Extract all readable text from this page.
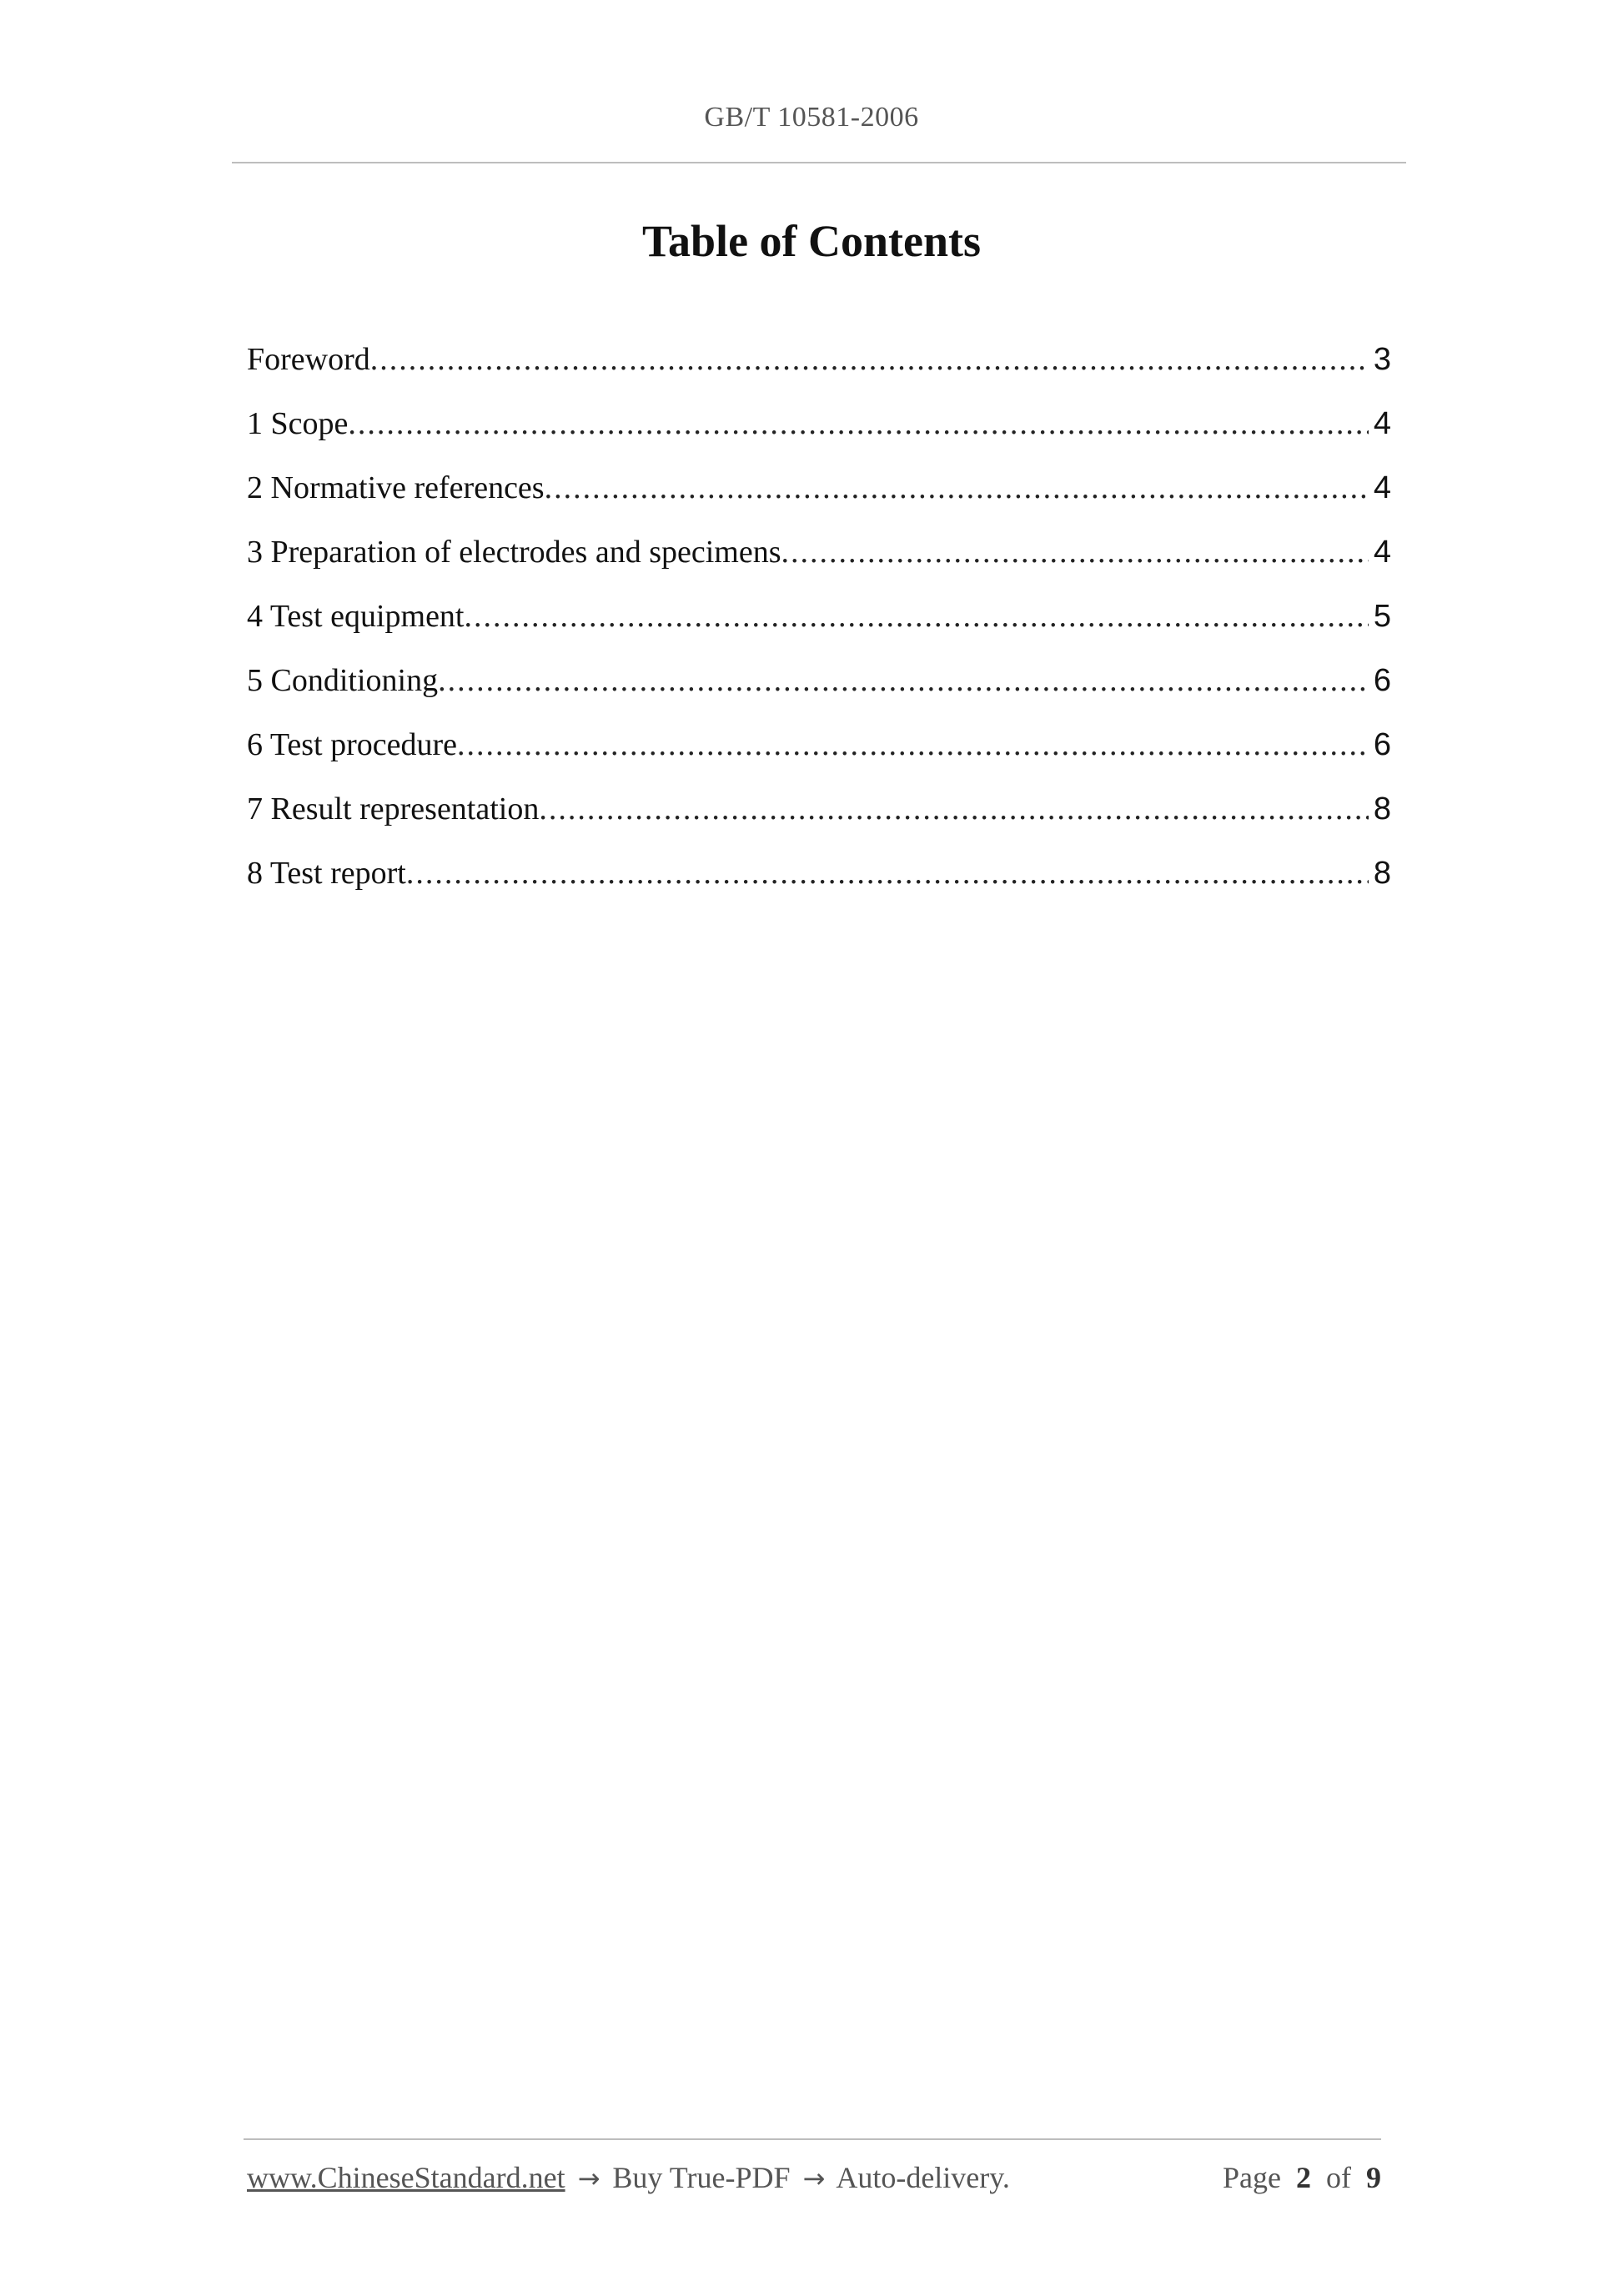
GB/T 10581-2006
Table of Contents
Foreword .....	3
1 Scope .....	4
2 Normative references .....	4
3 Preparation of electrodes and specimens .....	4
4 Test equipment .....	5
5 Conditioning .....	6
6 Test procedure .....	6
7 Result representation .....	8
8 Test report .....	8
www.ChineseStandard.net → Buy True-PDF → Auto-delivery.	Page 2 of 9
